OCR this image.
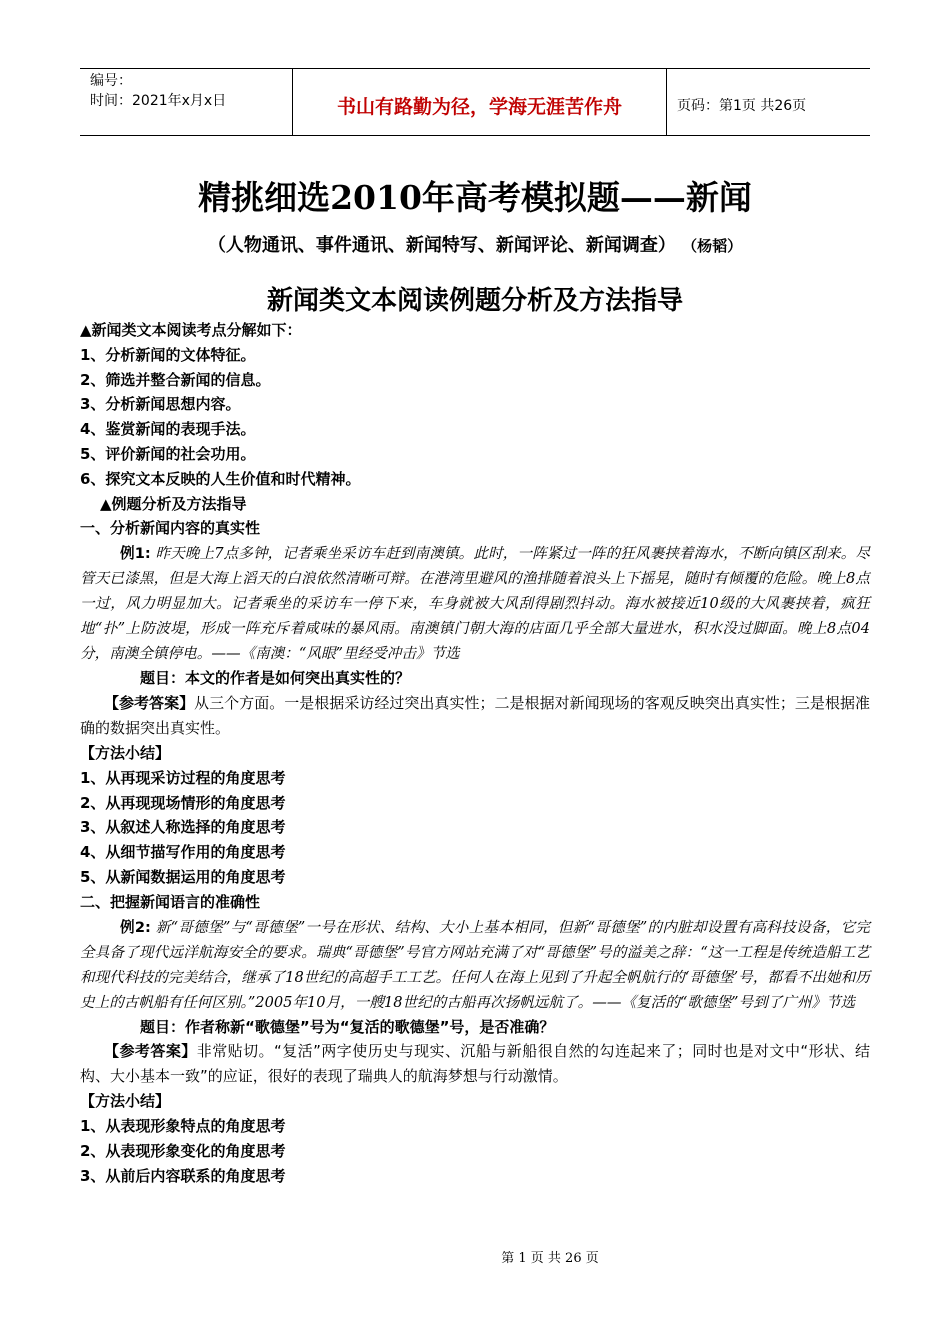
编号：
时间：2021年x月x日	书山有路勤为径，学海无涯苦作舟	页码：第1页 共26页
精挑细选2010年高考模拟题——新闻
（人物通讯、事件通讯、新闻特写、新闻评论、新闻调查） （杨韬）
新闻类文本阅读例题分析及方法指导
▲新闻类文本阅读考点分解如下：
1、分析新闻的文体特征。
2、筛选并整合新闻的信息。
3、分析新闻思想内容。
4、鉴赏新闻的表现手法。
5、评价新闻的社会功用。
6、探究文本反映的人生价值和时代精神。
▲例题分析及方法指导
一、分析新闻内容的真实性
例1: 昨天晚上7点多钟，记者乘坐采访车赶到南澳镇。此时，一阵紧过一阵的狂风裹挟着海水，不断向镇区刮来。尽管天已漆黑，但是大海上滔天的白浪依然清晰可辩。在港湾里避风的渔排随着浪头上下摇晃，随时有倾覆的危险。晚上8点一过，风力明显加大。记者乘坐的采访车一停下来，车身就被大风刮得剧烈抖动。海水被接近10级的大风裹挟着，疯狂地“扑”上防波堤，形成一阵充斥着咸味的暴风雨。南澳镇门朝大海的店面几乎全部大量进水，积水没过脚面。晚上8点04分，南澳全镇停电。——《南澳：“风眼”里经受冲击》节选
题目：本文的作者是如何突出真实性的？
【参考答案】从三个方面。一是根据采访经过突出真实性；二是根据对新闻现场的客观反映突出真实性；三是根据准确的数据突出真实性。
【方法小结】
1、从再现采访过程的角度思考
2、从再现现场情形的角度思考
3、从叙述人称选择的角度思考
4、从细节描写作用的角度思考
5、从新闻数据运用的角度思考
二、把握新闻语言的准确性
例2: 新“哥德堡”与“哥德堡”一号在形状、结构、大小上基本相同，但新“哥德堡”的内脏却设置有高科技设备，它完全具备了现代远洋航海安全的要求。瑞典“哥德堡”号官方网站充满了对“哥德堡”号的溢美之辞：“这一工程是传统造船工艺和现代科技的完美结合，继承了18世纪的高超手工工艺。任何人在海上见到了升起全帆航行的‘哥德堡’号，都看不出她和历史上的古帆船有任何区别。”2005年10月，一艘18世纪的古船再次扬帆远航了。——《复活的“歌德堡”号到了广州》节选
题目：作者称新“歌德堡”号为“复活的歌德堡”号，是否准确？
【参考答案】非常贴切。“复活”两字使历史与现实、沉船与新船很自然的勾连起来了；同时也是对文中“形状、结构、大小基本一致”的应证，很好的表现了瑞典人的航海梦想与行动激情。
【方法小结】
1、从表现形象特点的角度思考
2、从表现形象变化的角度思考
3、从前后内容联系的角度思考
第 1 页 共 26 页
